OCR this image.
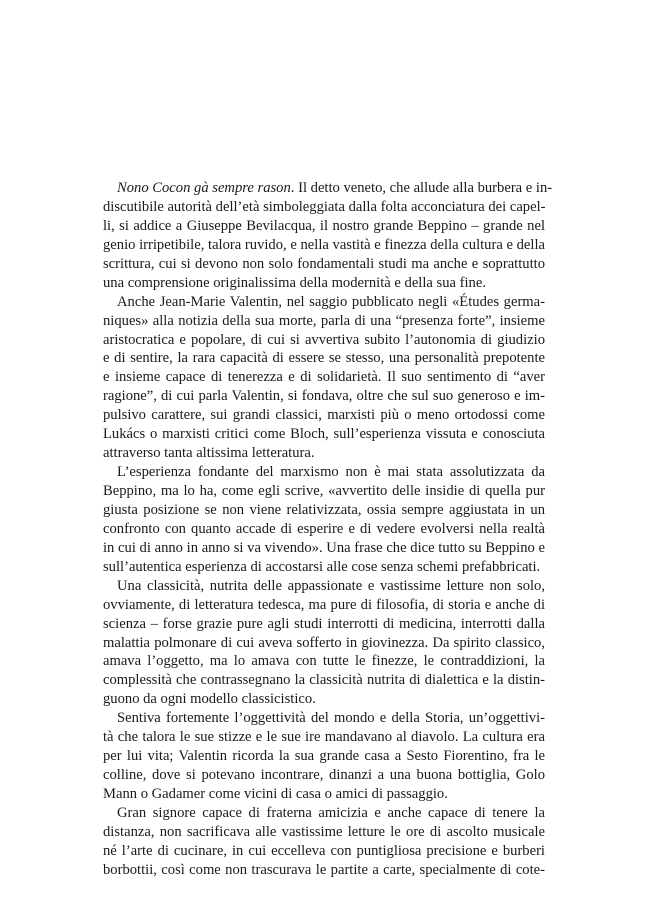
Nono Cocon gà sempre rason. Il detto veneto, che allude alla burbera e in-
discutibile autorità dell’età simboleggiata dalla folta acconciatura dei capel-
li, si addice a Giuseppe Bevilacqua, il nostro grande Beppino – grande nel
genio irripetibile, talora ruvido, e nella vastità e finezza della cultura e della
scrittura, cui si devono non solo fondamentali studi ma anche e soprattutto
una comprensione originalissima della modernità e della sua fine.
Anche Jean-Marie Valentin, nel saggio pubblicato negli «Études germa-
niques» alla notizia della sua morte, parla di una “presenza forte”, insieme
aristocratica e popolare, di cui si avvertiva subito l’autonomia di giudizio
e di sentire, la rara capacità di essere se stesso, una personalità prepotente
e insieme capace di tenerezza e di solidarietà. Il suo sentimento di “aver
ragione”, di cui parla Valentin, si fondava, oltre che sul suo generoso e im-
pulsivo carattere, sui grandi classici, marxisti più o meno ortodossi come
Lukács o marxisti critici come Bloch, sull’esperienza vissuta e conosciuta
attraverso tanta altissima letteratura.
L’esperienza fondante del marxismo non è mai stata assolutizzata da
Beppino, ma lo ha, come egli scrive, «avvertito delle insidie di quella pur
giusta posizione se non viene relativizzata, ossia sempre aggiustata in un
confronto con quanto accade di esperire e di vedere evolversi nella realtà
in cui di anno in anno si va vivendo». Una frase che dice tutto su Beppino e
sull’autentica esperienza di accostarsi alle cose senza schemi prefabbricati.
Una classicità, nutrita delle appassionate e vastissime letture non solo,
ovviamente, di letteratura tedesca, ma pure di filosofia, di storia e anche di
scienza – forse grazie pure agli studi interrotti di medicina, interrotti dalla
malattia polmonare di cui aveva sofferto in giovinezza. Da spirito classico,
amava l’oggetto, ma lo amava con tutte le finezze, le contraddizioni, la
complessità che contrassegnano la classicità nutrita di dialettica e la distin-
guono da ogni modello classicistico.
Sentiva fortemente l’oggettività del mondo e della Storia, un’oggettivi-
tà che talora le sue stizze e le sue ire mandavano al diavolo. La cultura era
per lui vita; Valentin ricorda la sua grande casa a Sesto Fiorentino, fra le
colline, dove si potevano incontrare, dinanzi a una buona bottiglia, Golo
Mann o Gadamer come vicini di casa o amici di passaggio.
Gran signore capace di fraterna amicizia e anche capace di tenere la
distanza, non sacrificava alle vastissime letture le ore di ascolto musicale
né l’arte di cucinare, in cui eccelleva con puntigliosa precisione e burberi
borbottii, così come non trascurava le partite a carte, specialmente di cote-
